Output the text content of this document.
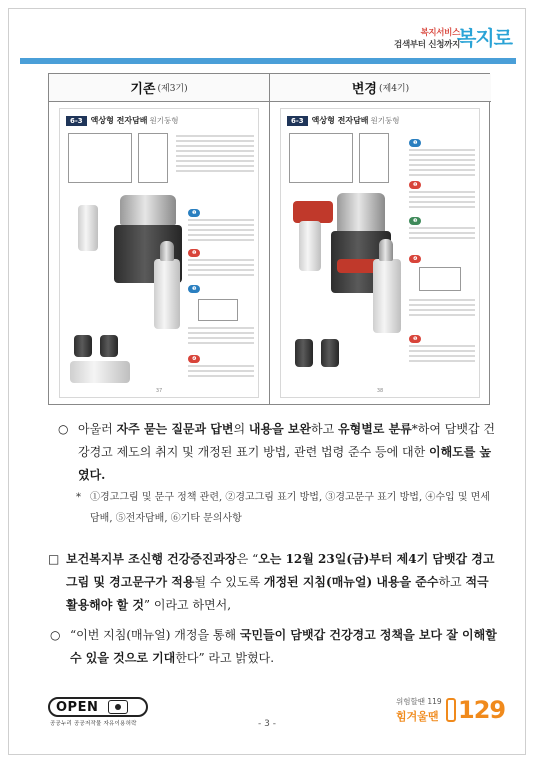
복지서비스
검색부터 신청까지
복지로
기존 (제3기)
6-3	액상형 전자담배 원기둥형
❶
❷
❸
❹
37
변경 (제4기)
6-3	액상형 전자담배 원기둥형
❶
❷
❸
❹
❺
38
○ 아울러 자주 묻는 질문과 답변의 내용을 보완하고 유형별로 분류*하여 담뱃갑 건강경고 제도의 취지 및 개정된 표기 방법, 관련 법령 준수 등에 대한 이해도를 높였다.
* ①경고그림 및 문구 정책 관련, ②경고그림 표기 방법, ③경고문구 표기 방법, ④수입 및 면세 담배, ⑤전자담배, ⑥기타 문의사항
□ 보건복지부 조신행 건강증진과장은 “오는 12월 23일(금)부터 제4기 담뱃갑 경고그림 및 경고문구가 적용될 수 있도록 개정된 지침(매뉴얼) 내용을 준수하고 적극 활용해야 할 것” 이라고 하면서,
○ “이번 지침(매뉴얼) 개정을 통해 국민들이 담뱃갑 건강경고 정책을 보다 잘 이해할 수 있을 것으로 기대한다” 라고 밝혔다.
OPEN
공공누리 공공저작물 자유이용허락	- 3 -
위험할땐 119
힘겨울땐 129
